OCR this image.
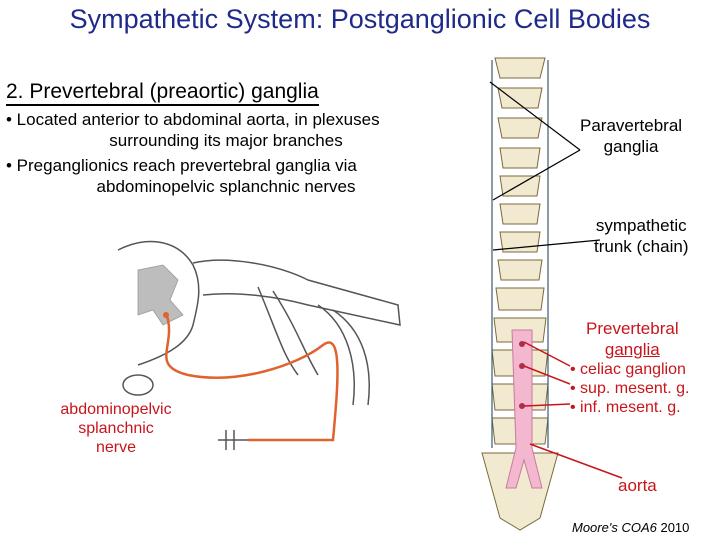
Sympathetic System: Postganglionic Cell Bodies
2. Prevertebral (preaortic) ganglia
• Located anterior to abdominal aorta, in plexuses
surrounding its major branches
• Preganglionics reach prevertebral ganglia via
abdominopelvic splanchnic nerves
Paravertebral
ganglia
sympathetic
trunk (chain)
Prevertebral
ganglia
• celiac ganglion
• sup. mesent. g.
• inf. mesent. g.
aorta
abdominopelvic
splanchnic
nerve
Moore's COA6 2010
